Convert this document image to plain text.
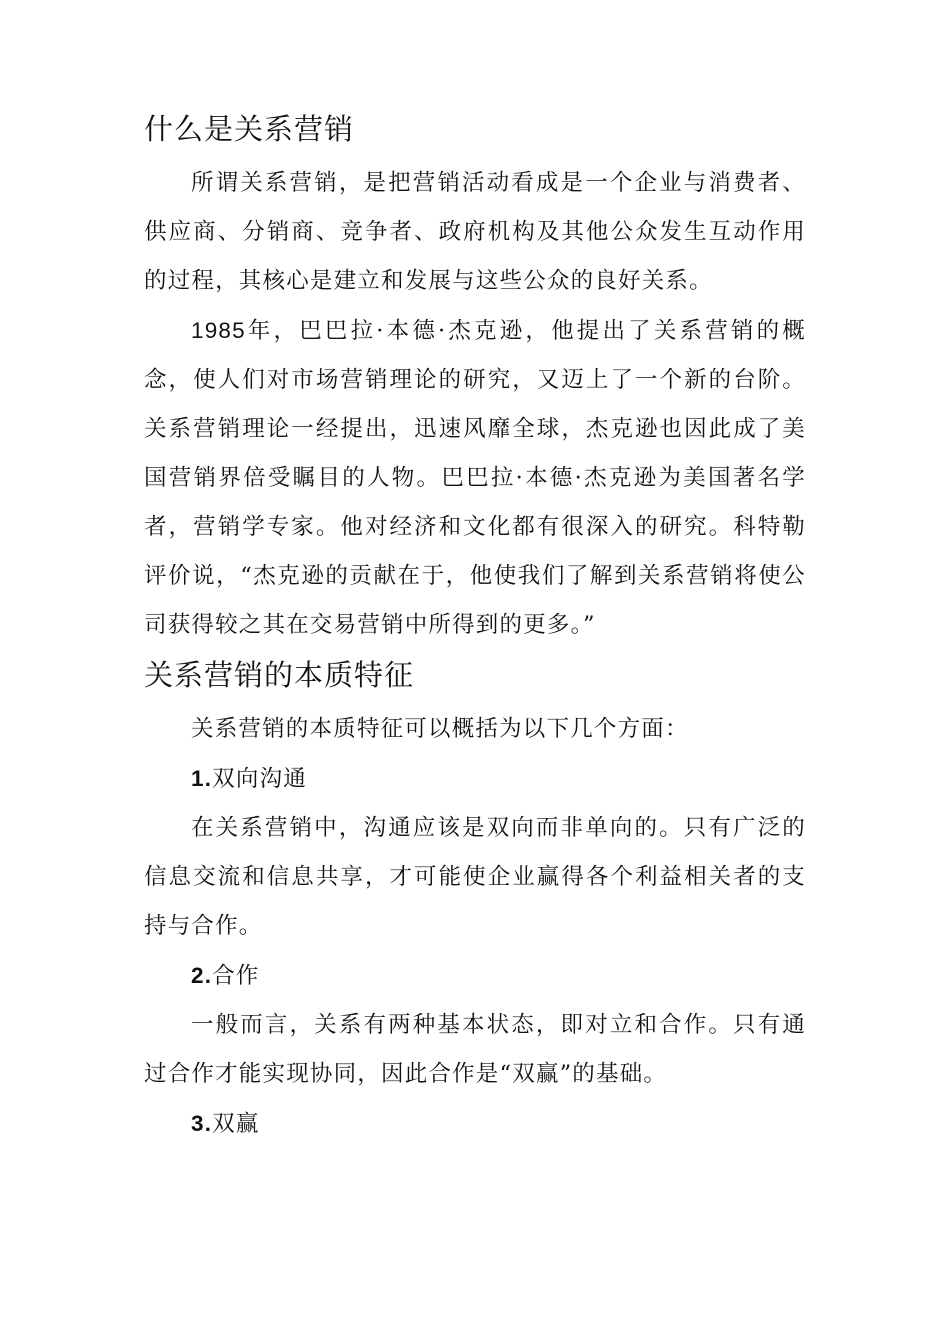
什么是关系营销

所谓关系营销，是把营销活动看成是一个企业与消费者、供应商、分销商、竞争者、政府机构及其他公众发生互动作用的过程，其核心是建立和发展与这些公众的良好关系。

1985年，巴巴拉·本德·杰克逊，他提出了关系营销的概念，使人们对市场营销理论的研究，又迈上了一个新的台阶。关系营销理论一经提出，迅速风靡全球，杰克逊也因此成了美国营销界倍受瞩目的人物。巴巴拉·本德·杰克逊为美国著名学者，营销学专家。他对经济和文化都有很深入的研究。科特勒评价说，“杰克逊的贡献在于，他使我们了解到关系营销将使公司获得较之其在交易营销中所得到的更多。”

关系营销的本质特征

关系营销的本质特征可以概括为以下几个方面：

1.双向沟通

在关系营销中，沟通应该是双向而非单向的。只有广泛的信息交流和信息共享，才可能使企业赢得各个利益相关者的支持与合作。

2.合作

一般而言，关系有两种基本状态，即对立和合作。只有通过合作才能实现协同，因此合作是“双赢”的基础。

3.双赢
